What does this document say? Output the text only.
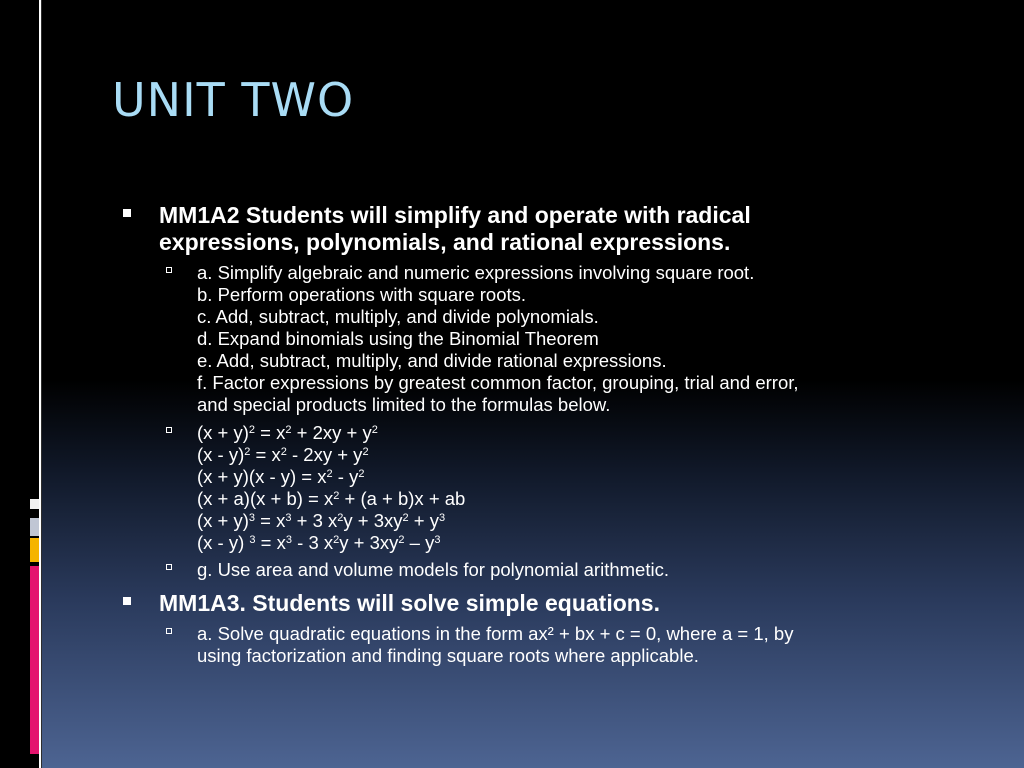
UNIT TWO
MM1A2 Students will simplify and operate with radical
expressions, polynomials, and rational expressions.
a. Simplify algebraic and numeric expressions involving square root.
b. Perform operations with square roots.
c. Add, subtract, multiply, and divide polynomials.
d. Expand binomials using the Binomial Theorem
e. Add, subtract, multiply, and divide rational expressions.
f. Factor expressions by greatest common factor, grouping, trial and error,
and special products limited to the formulas below.
$(x + y)^2 = x^2 + 2xy + y^2$
$(x - y)^2 = x^2 - 2xy + y^2$
$(x + y)(x - y) = x^2 - y^2$
$(x + a)(x + b) = x^2 + (a + b)x$ + ab
$(x + y)^3 = x^3 + 3$ $x^2y + 3xy^2 + y^3$
(x - y) $^3 = x^3 - 3$ $x^2y + 3xy^2 - y^3$
g. Use area and volume models for polynomial arithmetic.
MM1A3. Students will solve simple equations.
a. Solve quadratic equations in the form ax² + bx + c = 0, where a = 1, by
using factorization and finding square roots where applicable.
